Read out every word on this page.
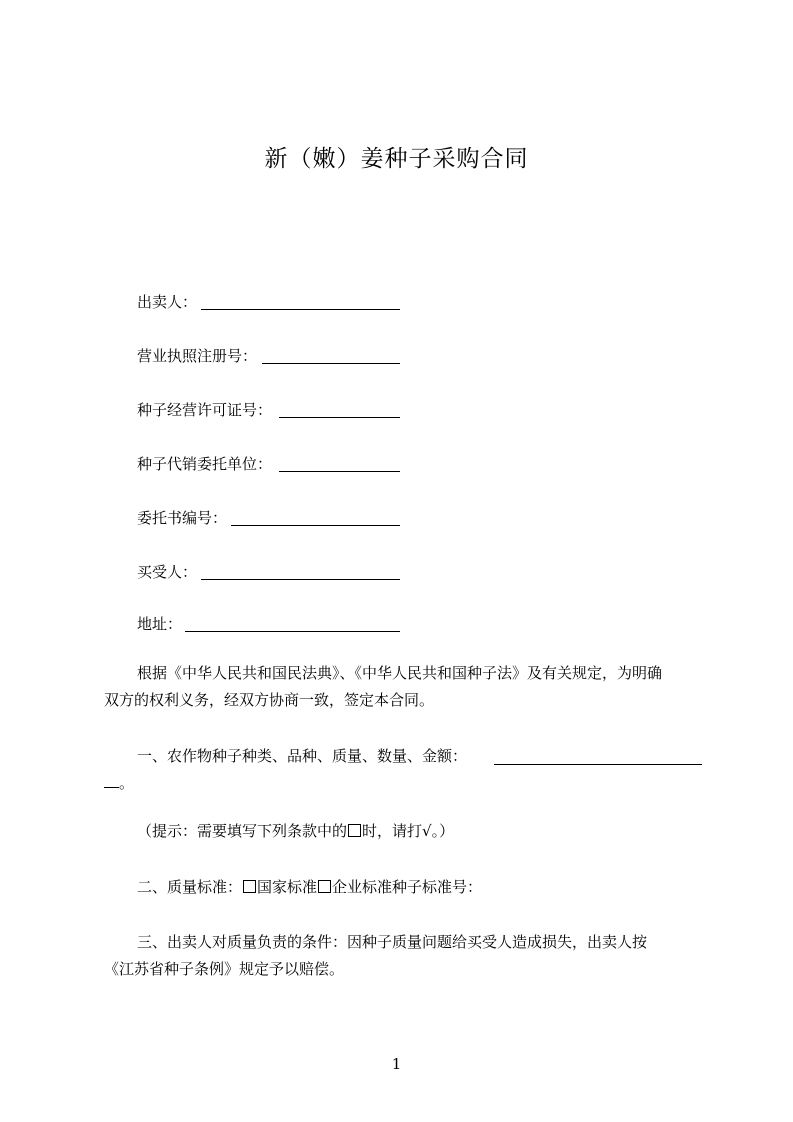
新（嫩）姜种子采购合同
出卖人：
营业执照注册号：
种子经营许可证号：
种子代销委托单位：
委托书编号：
买受人：
地址：
根据《中华人民共和国民法典》、《中华人民共和国种子法》及有关规定，为明确
双方的权利义务，经双方协商一致，签定本合同。
一、农作物种子种类、品种、质量、数量、金额：
。
（提示：需要填写下列条款中的 时，请打√。）
二、质量标准： 国家标准 企业标准种子标准号：
三、出卖人对质量负责的条件：因种子质量问题给买受人造成损失，出卖人按
《江苏省种子条例》规定予以赔偿。
1
